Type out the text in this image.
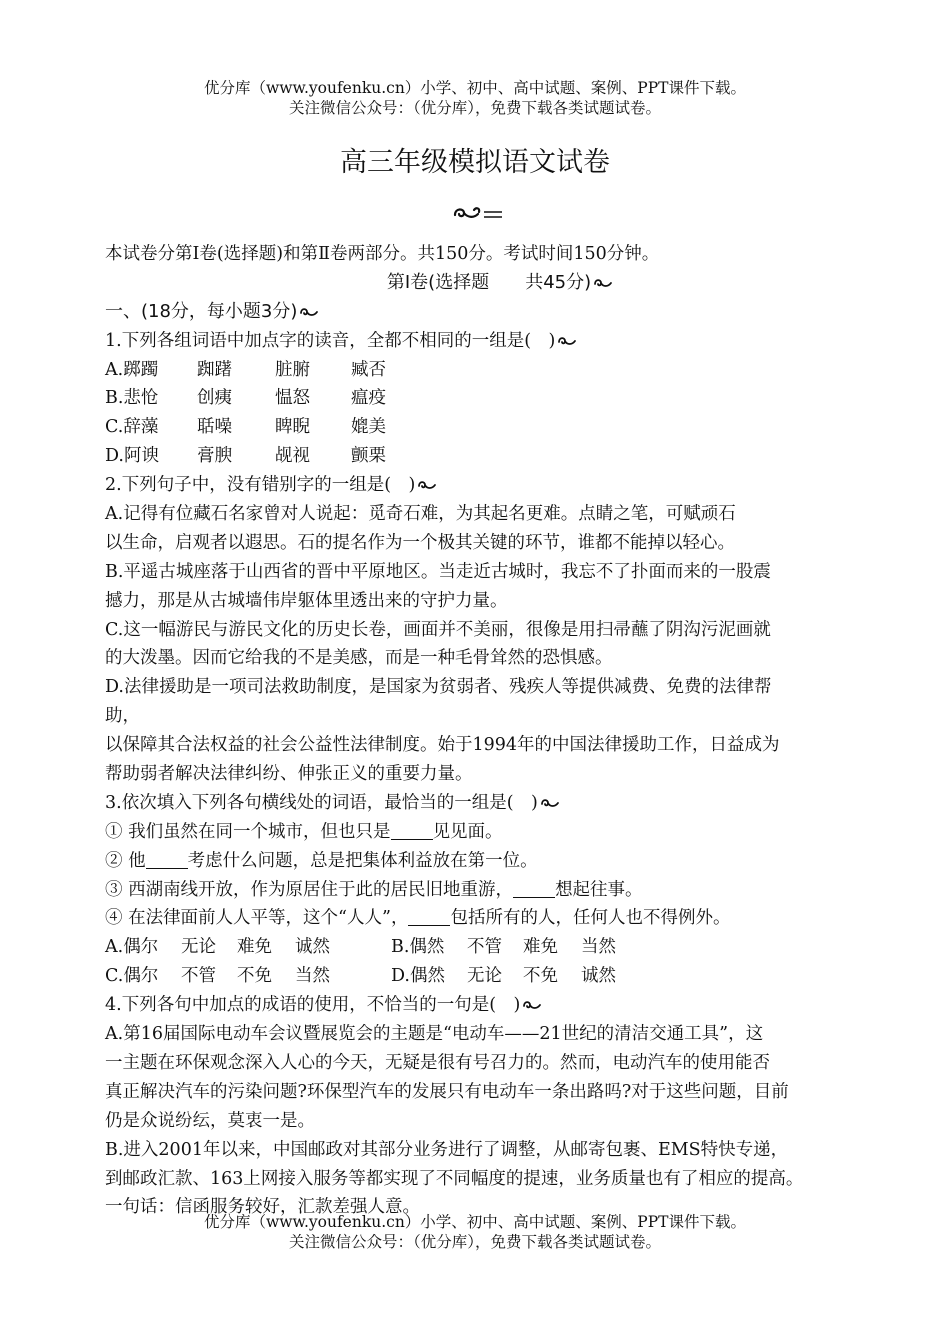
优分库（www.youfenku.cn）小学、初中、高中试题、案例、PPT课件下载。
关注微信公众号：（优分库），免费下载各类试题试卷。
高三年级模拟语文试卷
本试卷分第Ⅰ卷(选择题)和第Ⅱ卷两部分。共150分。考试时间150分钟。
第Ⅰ卷(选择题　　共45分)
一、(18分，每小题3分)
1.下列各组词语中加点字的读音，全都不相同的一组是(　)
A.踯躅 踟躇 脏腑 臧否
B.悲怆 创痍 愠怒 瘟疫
C.辞藻 聒噪 睥睨 媲美
D.阿谀 膏腴 觇视 颤栗
2.下列句子中，没有错别字的一组是(　)
A.记得有位藏石名家曾对人说起：觅奇石难，为其起名更难。点睛之笔，可赋顽石
以生命，启观者以遐思。石的提名作为一个极其关键的环节，谁都不能掉以轻心。
B.平遥古城座落于山西省的晋中平原地区。当走近古城时，我忘不了扑面而来的一股震
撼力，那是从古城墙伟岸躯体里透出来的守护力量。
C.这一幅游民与游民文化的历史长卷，画面并不美丽，很像是用扫帚蘸了阴沟污泥画就
的大泼墨。因而它给我的不是美感，而是一种毛骨耸然的恐惧感。
D.法律援助是一项司法救助制度，是国家为贫弱者、残疾人等提供减费、免费的法律帮
助，
以保障其合法权益的社会公益性法律制度。始于1994年的中国法律援助工作，日益成为
帮助弱者解决法律纠纷、伸张正义的重要力量。
3.依次填入下列各句横线处的词语，最恰当的一组是(　)
① 我们虽然在同一个城市，但也只是 见见面。
② 他 考虑什么问题，总是把集体利益放在第一位。
③ 西湖南线开放，作为原居住于此的居民旧地重游， 想起往事。
④ 在法律面前人人平等，这个“人人”， 包括所有的人，任何人也不得例外。
A.偶尔 无论 难免 诚然	B.偶然 不管 难免 当然 C.偶尔 不管 不免 当然	D.偶然 无论 不免 诚然
4.下列各句中加点的成语的使用，不恰当的一句是(　)
A.第16届国际电动车会议暨展览会的主题是“电动车——21世纪的清洁交通工具”，这
一主题在环保观念深入人心的今天，无疑是很有号召力的。然而，电动汽车的使用能否
真正解决汽车的污染问题?环保型汽车的发展只有电动车一条出路吗?对于这些问题，目前
仍是众说纷纭，莫衷一是。
B.进入2001年以来，中国邮政对其部分业务进行了调整，从邮寄包裹、EMS特快专递，
到邮政汇款、163上网接入服务等都实现了不同幅度的提速，业务质量也有了相应的提高。
一句话：信函服务较好，汇款差强人意。
优分库（www.youfenku.cn）小学、初中、高中试题、案例、PPT课件下载。
关注微信公众号：（优分库），免费下载各类试题试卷。
